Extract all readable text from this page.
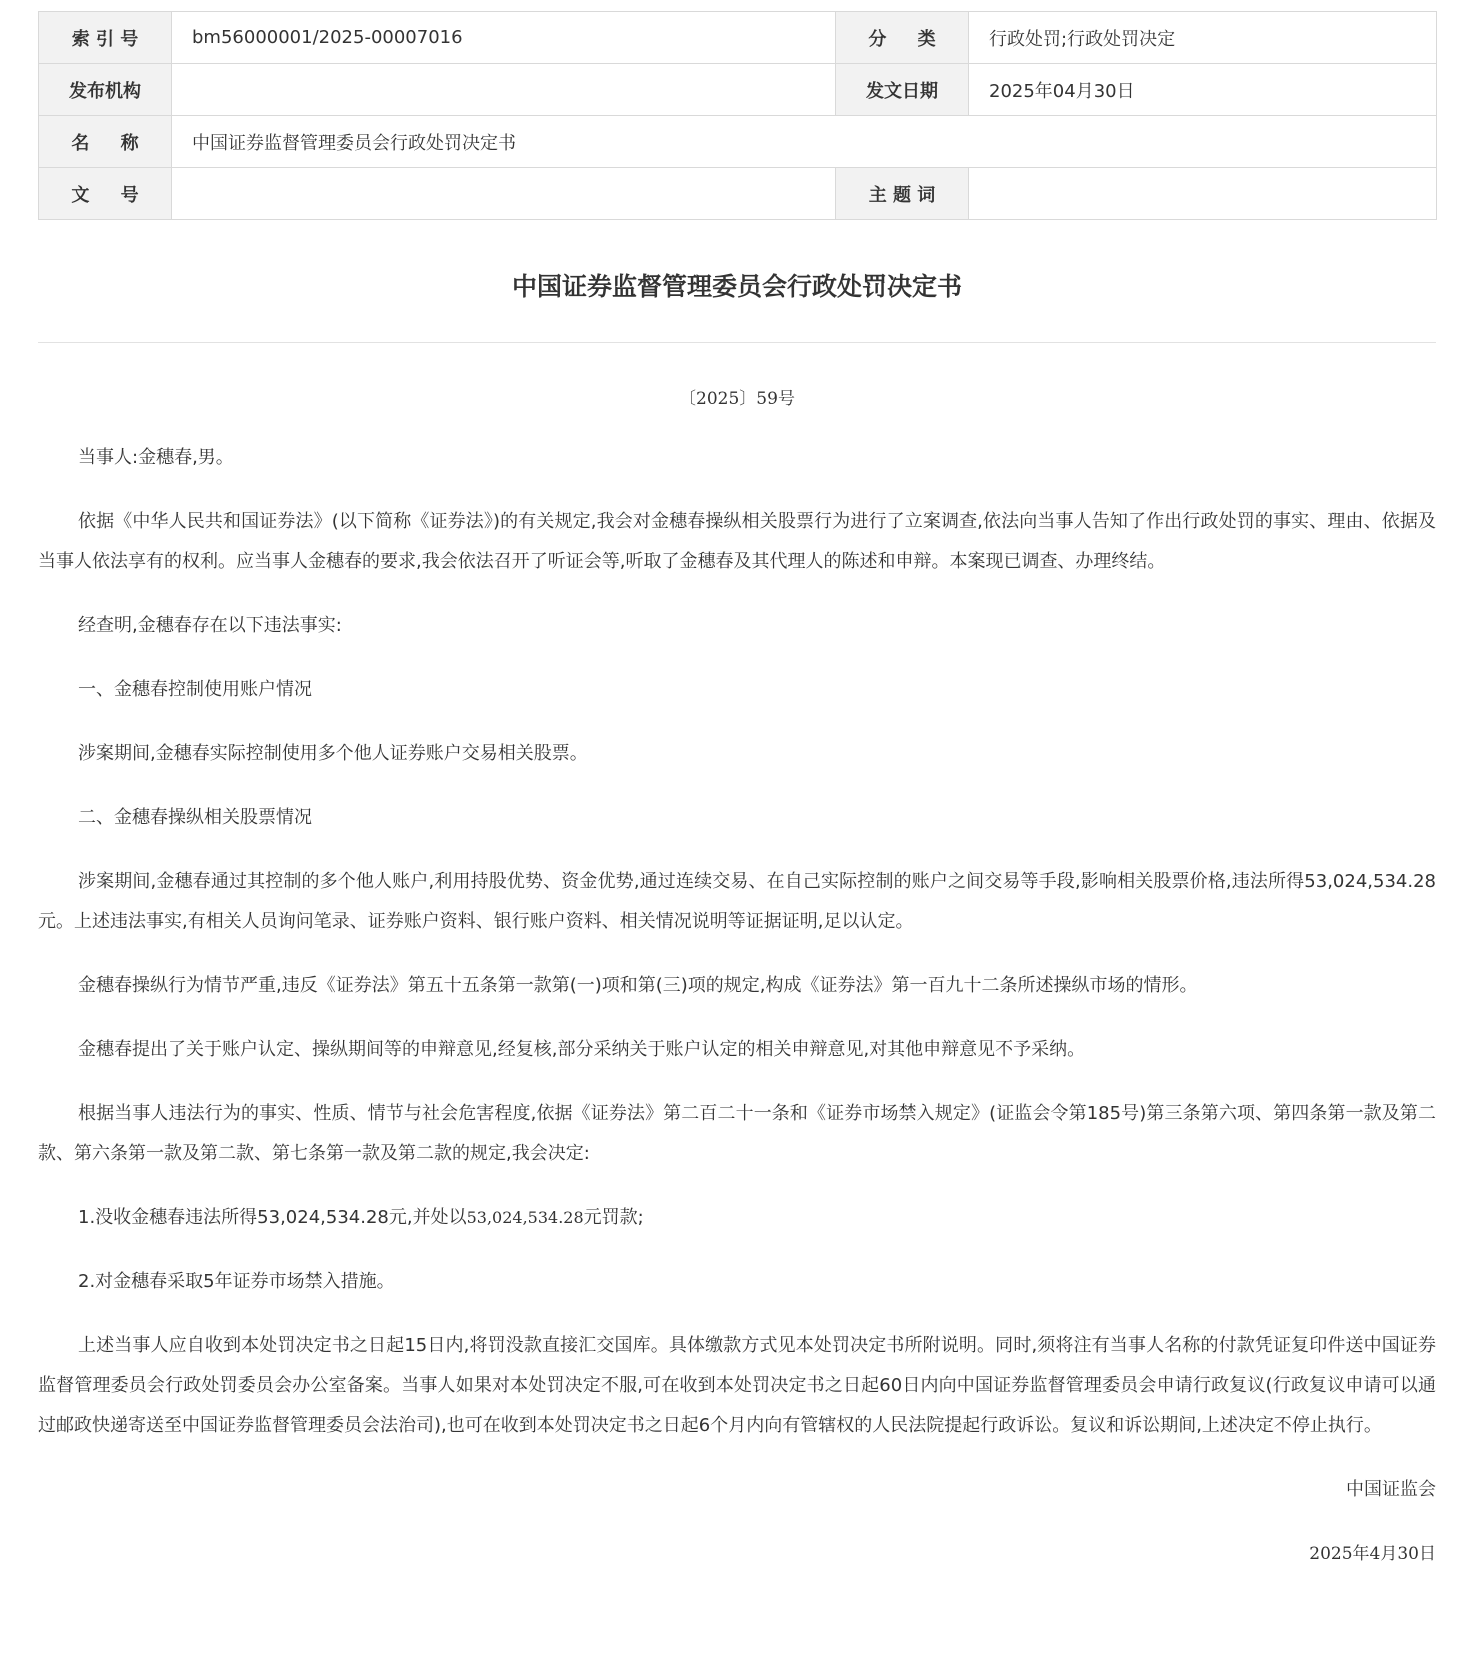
索 引 号	bm56000001/2025-00007016	分     类	行政处罚;行政处罚决定
发布机构		发文日期	2025年04月30日
名     称	中国证券监督管理委员会行政处罚决定书		
文     号		主 题 词	
中国证券监督管理委员会行政处罚决定书
〔2025〕59号

当事人:金穗春,男。

依据《中华人民共和国证券法》(以下简称《证券法》)的有关规定,我会对金穗春操纵相关股票行为进行了立案调查,依法向当事人告知了作出行政处罚的事实、理由、依据及当事人依法享有的权利。应当事人金穗春的要求,我会依法召开了听证会等,听取了金穗春及其代理人的陈述和申辩。本案现已调查、办理终结。

经查明,金穗春存在以下违法事实:

一、金穗春控制使用账户情况

涉案期间,金穗春实际控制使用多个他人证券账户交易相关股票。

二、金穗春操纵相关股票情况

涉案期间,金穗春通过其控制的多个他人账户,利用持股优势、资金优势,通过连续交易、在自己实际控制的账户之间交易等手段,影响相关股票价格,违法所得53,024,534.28元。上述违法事实,有相关人员询问笔录、证券账户资料、银行账户资料、相关情况说明等证据证明,足以认定。

金穗春操纵行为情节严重,违反《证券法》第五十五条第一款第(一)项和第(三)项的规定,构成《证券法》第一百九十二条所述操纵市场的情形。

金穗春提出了关于账户认定、操纵期间等的申辩意见,经复核,部分采纳关于账户认定的相关申辩意见,对其他申辩意见不予采纳。

根据当事人违法行为的事实、性质、情节与社会危害程度,依据《证券法》第二百二十一条和《证券市场禁入规定》(证监会令第185号)第三条第六项、第四条第一款及第二款、第六条第一款及第二款、第七条第一款及第二款的规定,我会决定:

1.没收金穗春违法所得53,024,534.28元,并处以53,024,534.28元罚款;

2.对金穗春采取5年证券市场禁入措施。

上述当事人应自收到本处罚决定书之日起15日内,将罚没款直接汇交国库。具体缴款方式见本处罚决定书所附说明。同时,须将注有当事人名称的付款凭证复印件送中国证券监督管理委员会行政处罚委员会办公室备案。当事人如果对本处罚决定不服,可在收到本处罚决定书之日起60日内向中国证券监督管理委员会申请行政复议(行政复议申请可以通过邮政快递寄送至中国证券监督管理委员会法治司),也可在收到本处罚决定书之日起6个月内向有管辖权的人民法院提起行政诉讼。复议和诉讼期间,上述决定不停止执行。

中国证监会
2025年4月30日
